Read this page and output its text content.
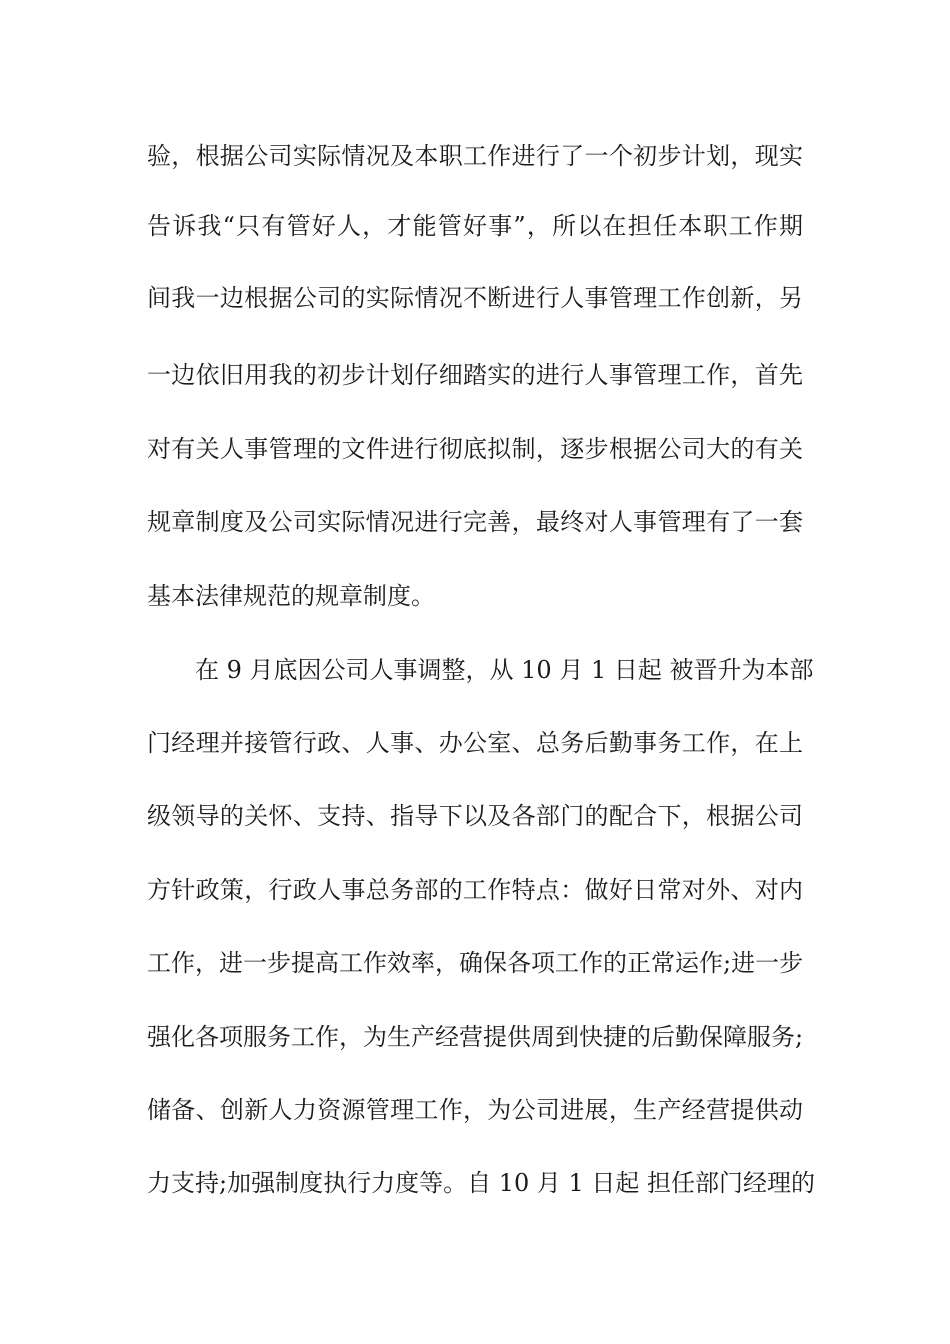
验，根据公司实际情况及本职工作进行了一个初步计划，现实
告诉我“只有管好人，才能管好事”，所以在担任本职工作期
间我一边根据公司的实际情况不断进行人事管理工作创新，另
一边依旧用我的初步计划仔细踏实的进行人事管理工作，首先
对有关人事管理的文件进行彻底拟制，逐步根据公司大的有关
规章制度及公司实际情况进行完善，最终对人事管理有了一套
基本法律规范的规章制度。
在 9 月底因公司人事调整，从 10 月 1 日起 被晋升为本部
门经理并接管行政、人事、办公室、总务后勤事务工作，在上
级领导的关怀、支持、指导下以及各部门的配合下，根据公司
方针政策，行政人事总务部的工作特点：做好日常对外、对内
工作，进一步提高工作效率，确保各项工作的正常运作;进一步
强化各项服务工作，为生产经营提供周到快捷的后勤保障服务;
储备、创新人力资源管理工作，为公司进展，生产经营提供动
力支持;加强制度执行力度等。自 10 月 1 日起 担任部门经理的
